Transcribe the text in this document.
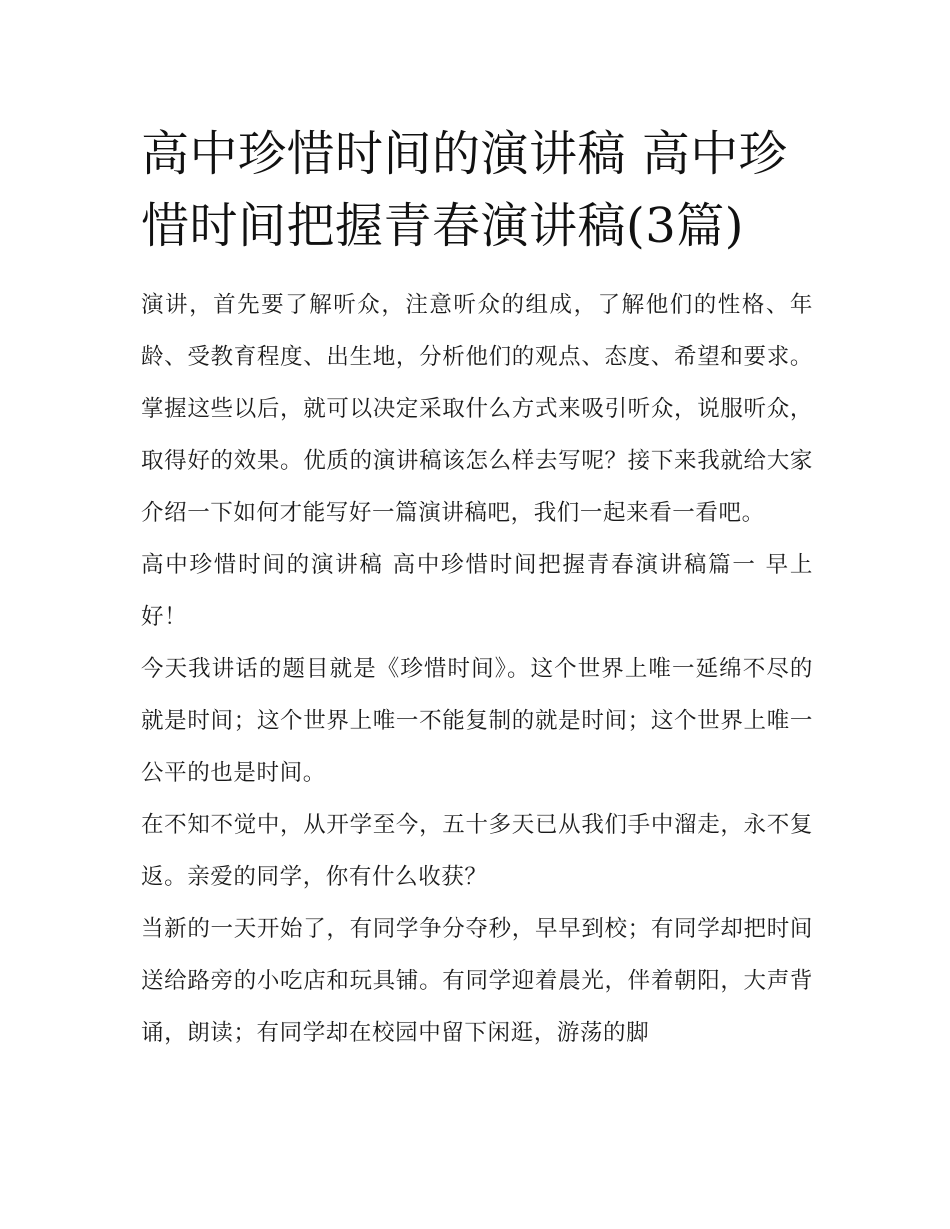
高中珍惜时间的演讲稿 高中珍惜时间把握青春演讲稿(3篇)

演讲，首先要了解听众，注意听众的组成，了解他们的性格、年龄、受教育程度、出生地，分析他们的观点、态度、希望和要求。掌握这些以后，就可以决定采取什么方式来吸引听众，说服听众，取得好的效果。优质的演讲稿该怎么样去写呢？接下来我就给大家介绍一下如何才能写好一篇演讲稿吧，我们一起来看一看吧。

高中珍惜时间的演讲稿 高中珍惜时间把握青春演讲稿篇一 早上好！

今天我讲话的题目就是《珍惜时间》。这个世界上唯一延绵不尽的就是时间；这个世界上唯一不能复制的就是时间；这个世界上唯一公平的也是时间。

在不知不觉中，从开学至今，五十多天已从我们手中溜走，永不复返。亲爱的同学，你有什么收获？

当新的一天开始了，有同学争分夺秒，早早到校；有同学却把时间送给路旁的小吃店和玩具铺。有同学迎着晨光，伴着朝阳，大声背诵，朗读；有同学却在校园中留下闲逛，游荡的脚
